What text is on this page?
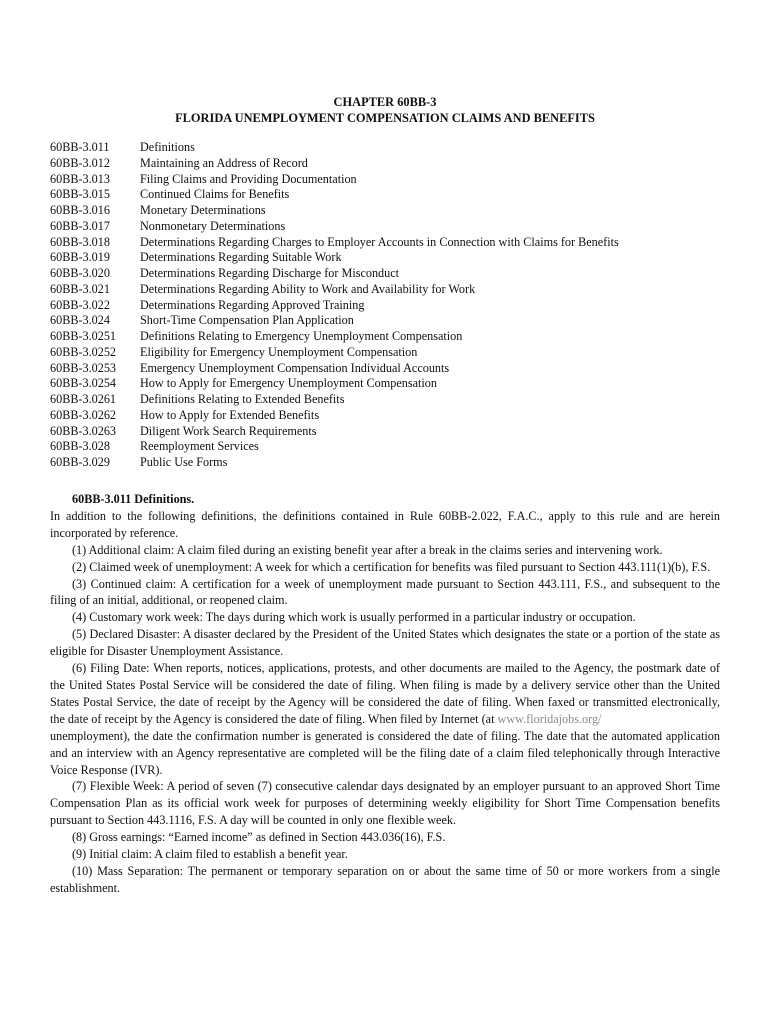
CHAPTER 60BB-3
FLORIDA UNEMPLOYMENT COMPENSATION CLAIMS AND BENEFITS
60BB-3.011	Definitions
60BB-3.012 Maintaining an Address of Record
60BB-3.013 Filing Claims and Providing Documentation
60BB-3.015 Continued Claims for Benefits
60BB-3.016 Monetary Determinations
60BB-3.017 Nonmonetary Determinations
60BB-3.018 Determinations Regarding Charges to Employer Accounts in Connection with Claims for Benefits
60BB-3.019 Determinations Regarding Suitable Work
60BB-3.020 Determinations Regarding Discharge for Misconduct
60BB-3.021 Determinations Regarding Ability to Work and Availability for Work
60BB-3.022 Determinations Regarding Approved Training
60BB-3.024 Short-Time Compensation Plan Application
60BB-3.0251 Definitions Relating to Emergency Unemployment Compensation
60BB-3.0252 Eligibility for Emergency Unemployment Compensation
60BB-3.0253 Emergency Unemployment Compensation Individual Accounts
60BB-3.0254 How to Apply for Emergency Unemployment Compensation
60BB-3.0261 Definitions Relating to Extended Benefits
60BB-3.0262 How to Apply for Extended Benefits
60BB-3.0263 Diligent Work Search Requirements
60BB-3.028 Reemployment Services
60BB-3.029 Public Use Forms

60BB-3.011 Definitions.

In addition to the following definitions, the definitions contained in Rule 60BB-2.022, F.A.C., apply to this rule and are herein incorporated by reference.

(1) Additional claim: A claim filed during an existing benefit year after a break in the claims series and intervening work.

(2) Claimed week of unemployment: A week for which a certification for benefits was filed pursuant to Section 443.111(1)(b), F.S.

(3) Continued claim: A certification for a week of unemployment made pursuant to Section 443.111, F.S., and subsequent to the filing of an initial, additional, or reopened claim.

(4) Customary work week: The days during which work is usually performed in a particular industry or occupation.

(5) Declared Disaster: A disaster declared by the President of the United States which designates the state or a portion of the state as eligible for Disaster Unemployment Assistance.

(6) Filing Date: When reports, notices, applications, protests, and other documents are mailed to the Agency, the postmark date of the United States Postal Service will be considered the date of filing. When filing is made by a delivery service other than the United States Postal Service, the date of receipt by the Agency will be considered the date of filing. When faxed or transmitted electronically, the date of receipt by the Agency is considered the date of filing. When filed by Internet (at www.floridajobs.org/
unemployment), the date the confirmation number is generated is considered the date of filing. The date that the automated application and an interview with an Agency representative are completed will be the filing date of a claim filed telephonically through Interactive Voice Response (IVR).

(7) Flexible Week: A period of seven (7) consecutive calendar days designated by an employer pursuant to an approved Short Time Compensation Plan as its official work week for purposes of determining weekly eligibility for Short Time Compensation benefits pursuant to Section 443.1116, F.S. A day will be counted in only one flexible week.

(8) Gross earnings: “Earned income” as defined in Section 443.036(16), F.S.

(9) Initial claim: A claim filed to establish a benefit year.

(10) Mass Separation: The permanent or temporary separation on or about the same time of 50 or more workers from a single establishment.
